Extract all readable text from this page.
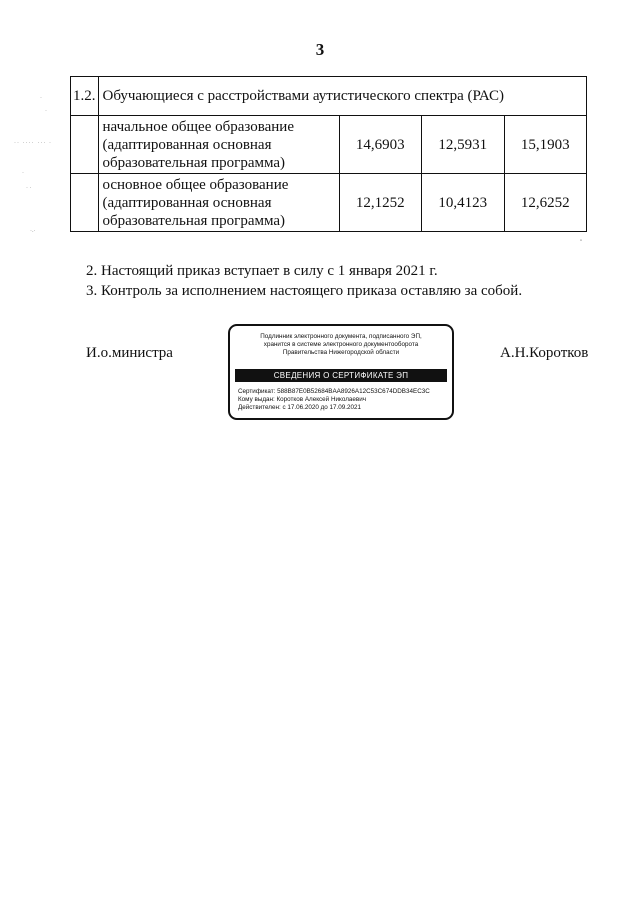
3
1.2.	Обучающиеся с расстройствами аутистического спектра (РАС)			

	начальное общее образование
(адаптированная основная
образовательная программа)	14,6903	12,5931	15,1903

	основное общее образование
(адаптированная основная
образовательная программа)	12,1252	10,4123	12,6252
2. Настоящий приказ вступает в силу с 1 января 2021 г.
3. Контроль за исполнением настоящего приказа оставляю за собой.
И.о.министра	А.Н.Коротков
Подлинник электронного документа, подписанного ЭП,
хранится в системе электронного документооборота
Правительства Нижегородской области
СВЕДЕНИЯ О СЕРТИФИКАТЕ ЭП
Сертификат: 588B87E0B52684BAA8926A12C53C674DDB34EC3C
Кому выдан: Коротков Алексей Николаевич
Действителен: с 17.06.2020 до 17.09.2021
·
·
·· ···· ··· ·
·
· ·
·.·
''
